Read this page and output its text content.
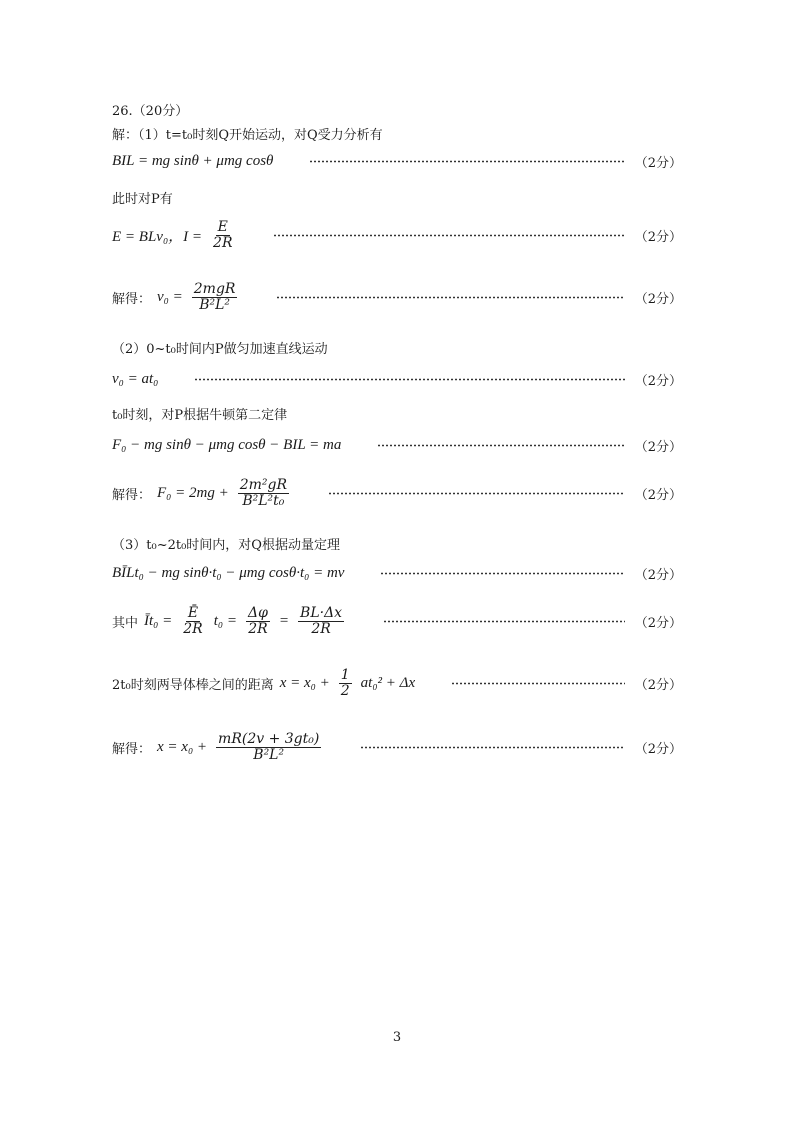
26.（20分）
解：（1）t=t₀时刻Q开始运动，对Q受力分析有
BIL = mg sinθ + μmg cosθ	（2分）
此时对P有
E = BLv₀，$I = \frac{E}{2R}$	（2分）
解得： $v_0 = \frac{\text{2mgR}}{\text{B²L²}}$	（2分）
（2）0~t₀时间内P做匀加速直线运动
v₀ = at₀	（2分）
t₀时刻，对P根据牛顿第二定律
F₀ − mg sinθ − μmg cosθ − BIL = ma	（2分）
解得： $F_0 = 2mg + \frac{\text{2m²gR}}{\text{B²L²t₀}}$	（2分）
（3）t₀~2t₀时间内，对Q根据动量定理
BĪLt₀ − mg sinθ·t₀ − μmg cosθ·t₀ = mv	（2分）
其中 Īt₀ = $\frac{Ē}{2R} t_0 = \frac{\Delta\varphi}{2R} = \frac{BL\cdot\Delta x}{2R}$	（2分）
2t₀时刻两导体棒之间的距离 $x = x_0 + \frac{1}{2} at_0^2 + \Delta x$	（2分）
解得： $x = x_0 + \frac{\text{mR(2v + 3gt₀)}}{\text{B²L²}}$	（2分）
3
